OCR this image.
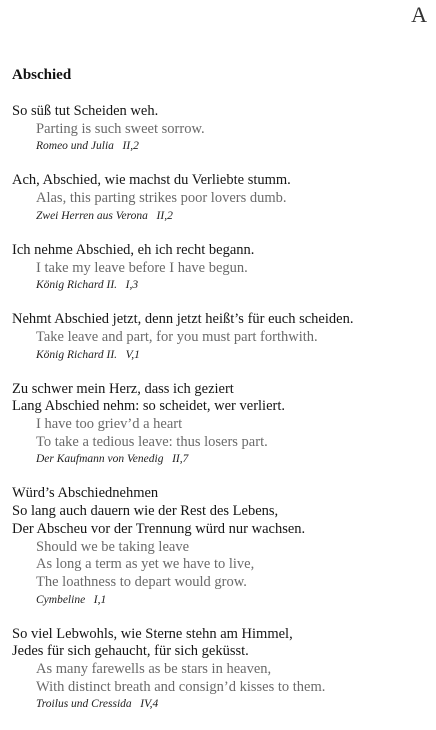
A
Abschied
So süß tut Scheiden weh.
Parting is such sweet sorrow.
Romeo und Julia   II,2
Ach, Abschied, wie machst du Verliebte stumm.
Alas, this parting strikes poor lovers dumb.
Zwei Herren aus Verona   II,2
Ich nehme Abschied, eh ich recht begann.
I take my leave before I have begun.
König Richard II.   I,3
Nehmt Abschied jetzt, denn jetzt heißt’s für euch scheiden.
Take leave and part, for you must part forthwith.
König Richard II.   V,1
Zu schwer mein Herz, dass ich geziert
Lang Abschied nehm: so scheidet, wer verliert.
I have too griev’d a heart
To take a tedious leave: thus losers part.
Der Kaufmann von Venedig   II,7
Würd’s Abschiednehmen
So lang auch dauern wie der Rest des Lebens,
Der Abscheu vor der Trennung würd nur wachsen.
Should we be taking leave
As long a term as yet we have to live,
The loathness to depart would grow.
Cymbeline   I,1
So viel Lebwohls, wie Sterne stehn am Himmel,
Jedes für sich gehaucht, für sich geküsst.
As many farewells as be stars in heaven,
With distinct breath and consign’d kisses to them.
Troilus und Cressida   IV,4
